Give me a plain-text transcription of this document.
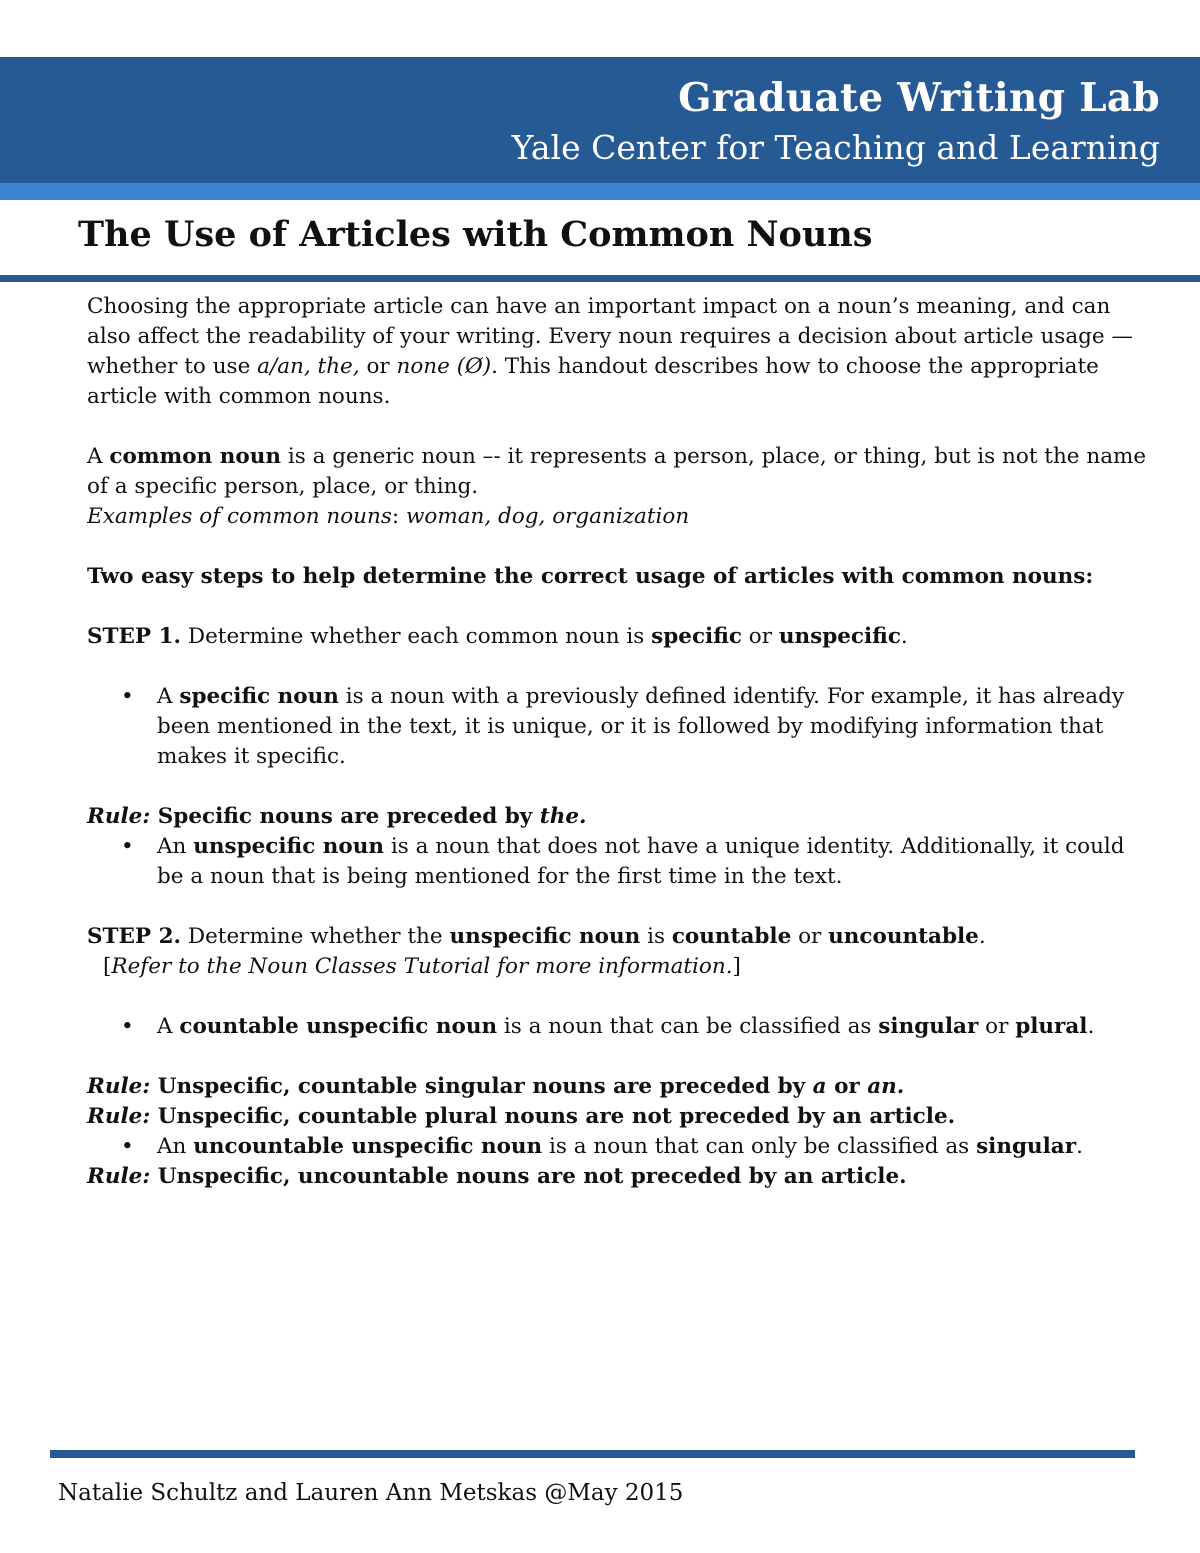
Graduate Writing Lab
Yale Center for Teaching and Learning
The Use of Articles with Common Nouns

Choosing the appropriate article can have an important impact on a noun’s meaning, and can also affect the readability of your writing. Every noun requires a decision about article usage —whether to use a/an, the, or none (Ø). This handout describes how to choose the appropriate article with common nouns.

A common noun is a generic noun –- it represents a person, place, or thing, but is not the name of a specific person, place, or thing.

Examples of common nouns: woman, dog, organization

Two easy steps to help determine the correct usage of articles with common nouns:

STEP 1. Determine whether each common noun is specific or unspecific.

• A specific noun is a noun with a previously defined identify. For example, it has already been mentioned in the text, it is unique, or it is followed by modifying information that makes it specific.

Rule: Specific nouns are preceded by the.

• An unspecific noun is a noun that does not have a unique identity. Additionally, it could be a noun that is being mentioned for the first time in the text.

STEP 2. Determine whether the unspecific noun is countable or uncountable.

[Refer to the Noun Classes Tutorial for more information.]

• A countable unspecific noun is a noun that can be classified as singular or plural.

Rule: Unspecific, countable singular nouns are preceded by a or an.

Rule: Unspecific, countable plural nouns are not preceded by an article.

• An uncountable unspecific noun is a noun that can only be classified as singular.

Rule: Unspecific, uncountable nouns are not preceded by an article.

Natalie Schultz and Lauren Ann Metskas @May 2015
